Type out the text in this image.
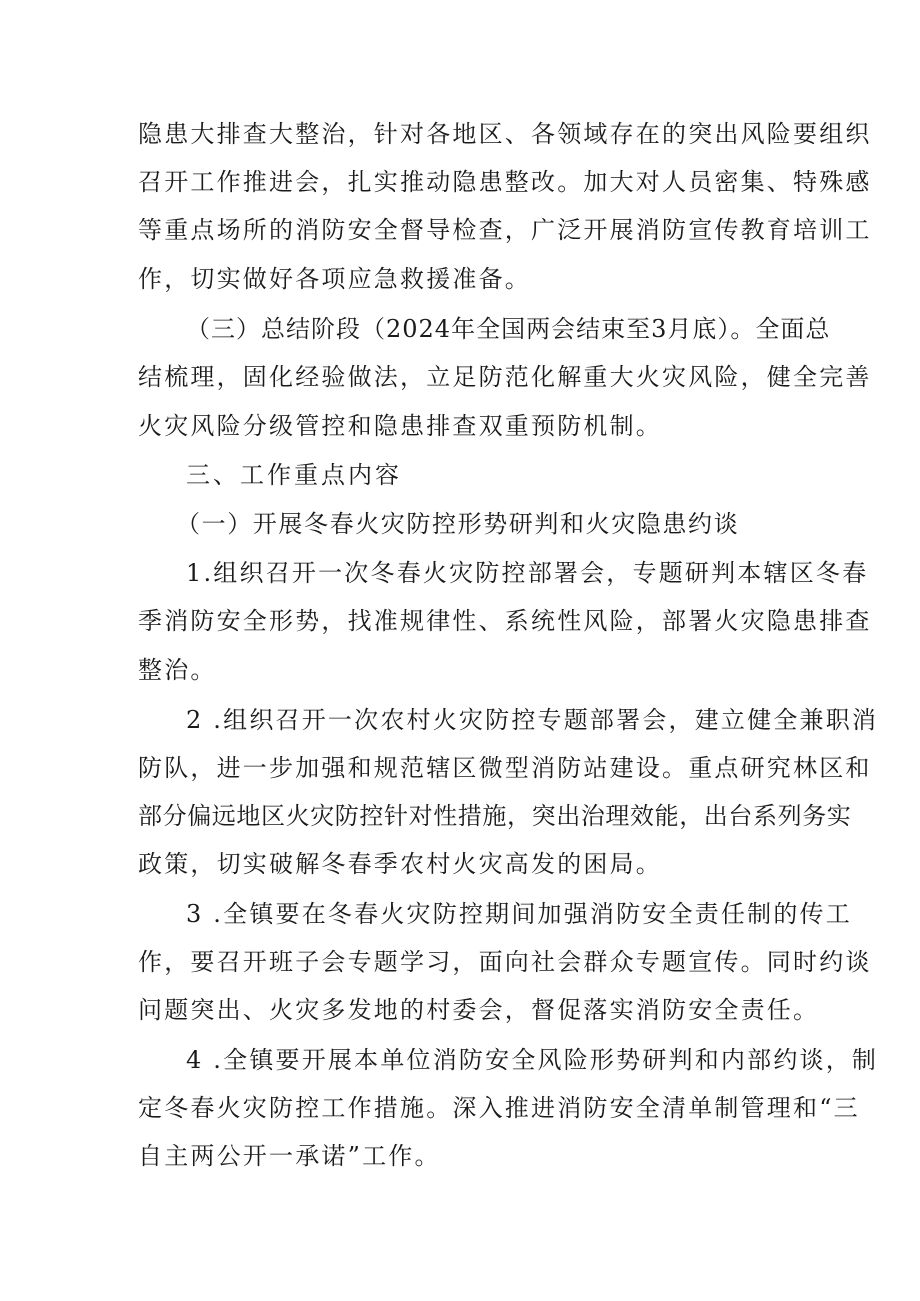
隐患大排查大整治，针对各地区、各领域存在的突出风险要组织
召开工作推进会，扎实推动隐患整改。加大对人员密集、特殊感
等重点场所的消防安全督导检查，广泛开展消防宣传教育培训工
作，切实做好各项应急救援准备。
（三）总结阶段（2024年全国两会结束至3月底）。全面总
结梳理，固化经验做法，立足防范化解重大火灾风险，健全完善
火灾风险分级管控和隐患排查双重预防机制。
三、工作重点内容
（一）开展冬春火灾防控形势研判和火灾隐患约谈
1.组织召开一次冬春火灾防控部署会，专题研判本辖区冬春
季消防安全形势，找准规律性、系统性风险，部署火灾隐患排查
整治。
2 .组织召开一次农村火灾防控专题部署会，建立健全兼职消
防队，进一步加强和规范辖区微型消防站建设。重点研究林区和
部分偏远地区火灾防控针对性措施，突出治理效能，出台系列务实
政策，切实破解冬春季农村火灾高发的困局。
3 .全镇要在冬春火灾防控期间加强消防安全责任制的传工
作，要召开班子会专题学习，面向社会群众专题宣传。同时约谈
问题突出、火灾多发地的村委会，督促落实消防安全责任。
4 .全镇要开展本单位消防安全风险形势研判和内部约谈，制
定冬春火灾防控工作措施。深入推进消防安全清单制管理和“三
自主两公开一承诺”工作。
